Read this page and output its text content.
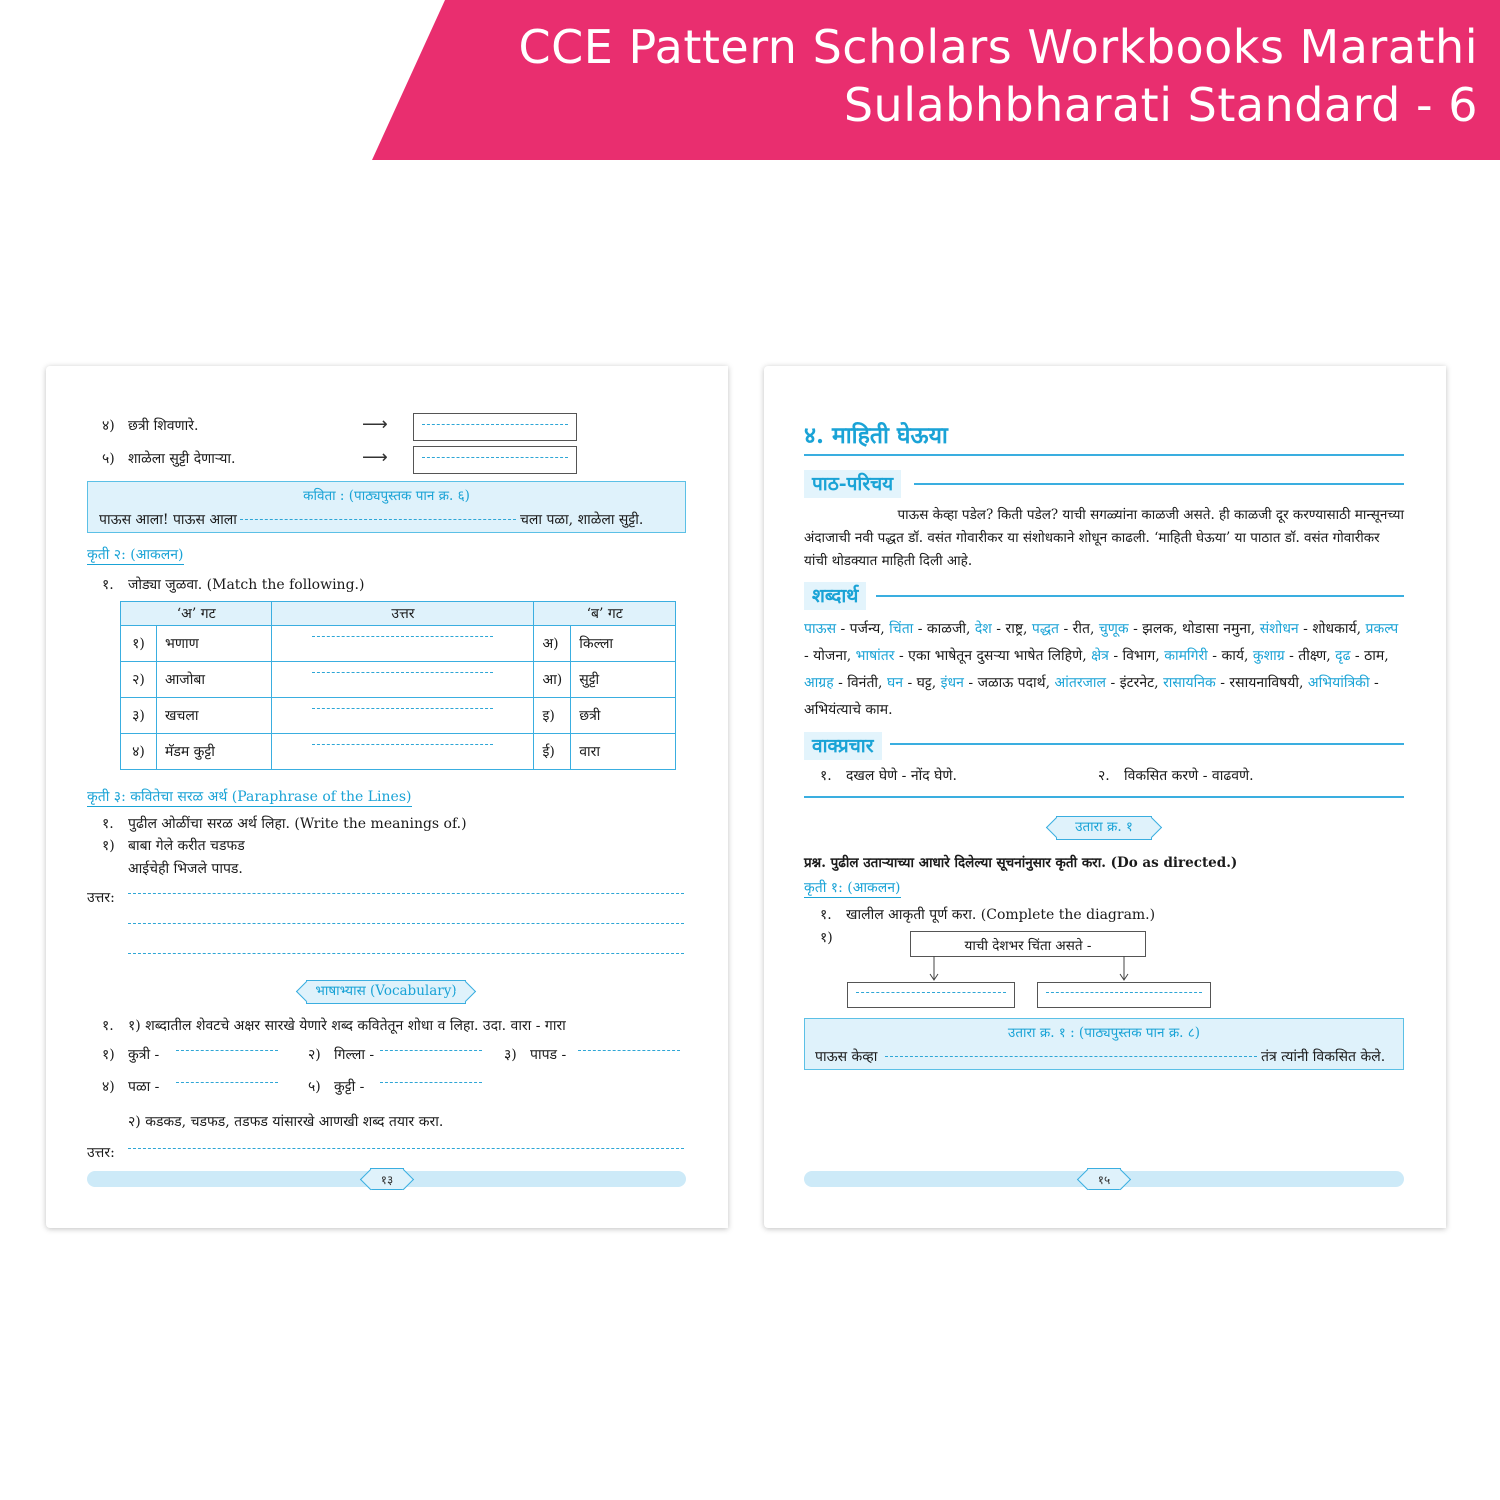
CCE Pattern Scholars Workbooks Marathi
Sulabhbharati Standard - 6
४) छत्री शिवणारे.	⟶
५) शाळेला सुट्टी देणाऱ्या.	⟶
कविता : (पाठ्यपुस्तक पान क्र. ६)
पाऊस आला! पाऊस आला	चला पळा, शाळेला सुट्टी.
कृती २: (आकलन)
१. जोड्या जुळवा. (Match the following.)
‘अ’ गट		उत्तर	‘ब’ गट	
१)	भणाण		अ)	किल्ला
२)	आजोबा		आ)	सुट्टी
३)	खचला		इ)	छत्री
४)	मॅडम कुट्टी		ई)	वारा
कृती ३: कवितेचा सरळ अर्थ (Paraphrase of the Lines)
१. पुढील ओळींचा सरळ अर्थ लिहा. (Write the meanings of.)
१) बाबा गेले करीत चडफड
आईचेही भिजले पापड.
उत्तर:
भाषाभ्यास (Vocabulary)
१. १) शब्दातील शेवटचे अक्षर सारखे येणारे शब्द कवितेतून शोधा व लिहा. उदा. वारा - गारा
१) कुत्री -	२) गिल्ला -	३) पापड -
४) पळा -	५) कुट्टी -
२) कडकड, चडफड, तडफड यांसारखे आणखी शब्द तयार करा.
उत्तर:
१३
४. माहिती घेऊया
पाठ-परिचय
पाऊस केव्हा पडेल? किती पडेल? याची सगळ्यांना काळजी असते. ही काळजी दूर करण्यासाठी मान्सूनच्या
अंदाजाची नवी पद्धत डॉ. वसंत गोवारीकर या संशोधकाने शोधून काढली. ‘माहिती घेऊया’ या पाठात डॉ. वसंत गोवारीकर
यांची थोडक्यात माहिती दिली आहे.
शब्दार्थ
पाऊस - पर्जन्य, चिंता - काळजी, देश - राष्ट्र, पद्धत - रीत, चुणूक - झलक, थोडासा नमुना, संशोधन - शोधकार्य, प्रकल्प - योजना, भाषांतर - एका भाषेतून दुसऱ्या भाषेत लिहिणे, क्षेत्र - विभाग, कामगिरी - कार्य, कुशाग्र - तीक्ष्ण, दृढ - ठाम, आग्रह - विनंती, घन - घट्ट, इंधन - जळाऊ पदार्थ, आंतरजाल - इंटरनेट, रासायनिक - रसायनाविषयी, अभियांत्रिकी - अभियंत्याचे काम.
वाक्प्रचार
१. दखल घेणे - नोंद घेणे.	२. विकसित करणे - वाढवणे.
उतारा क्र. १
प्रश्न. पुढील उताऱ्याच्या आधारे दिलेल्या सूचनांनुसार कृती करा. (Do as directed.)
कृती १: (आकलन)
१. खालील आकृती पूर्ण करा. (Complete the diagram.)
१)	याची देशभर चिंता असते -
उतारा क्र. १ : (पाठ्यपुस्तक पान क्र. ८)
पाऊस केव्हा	तंत्र त्यांनी विकसित केले.
१५
